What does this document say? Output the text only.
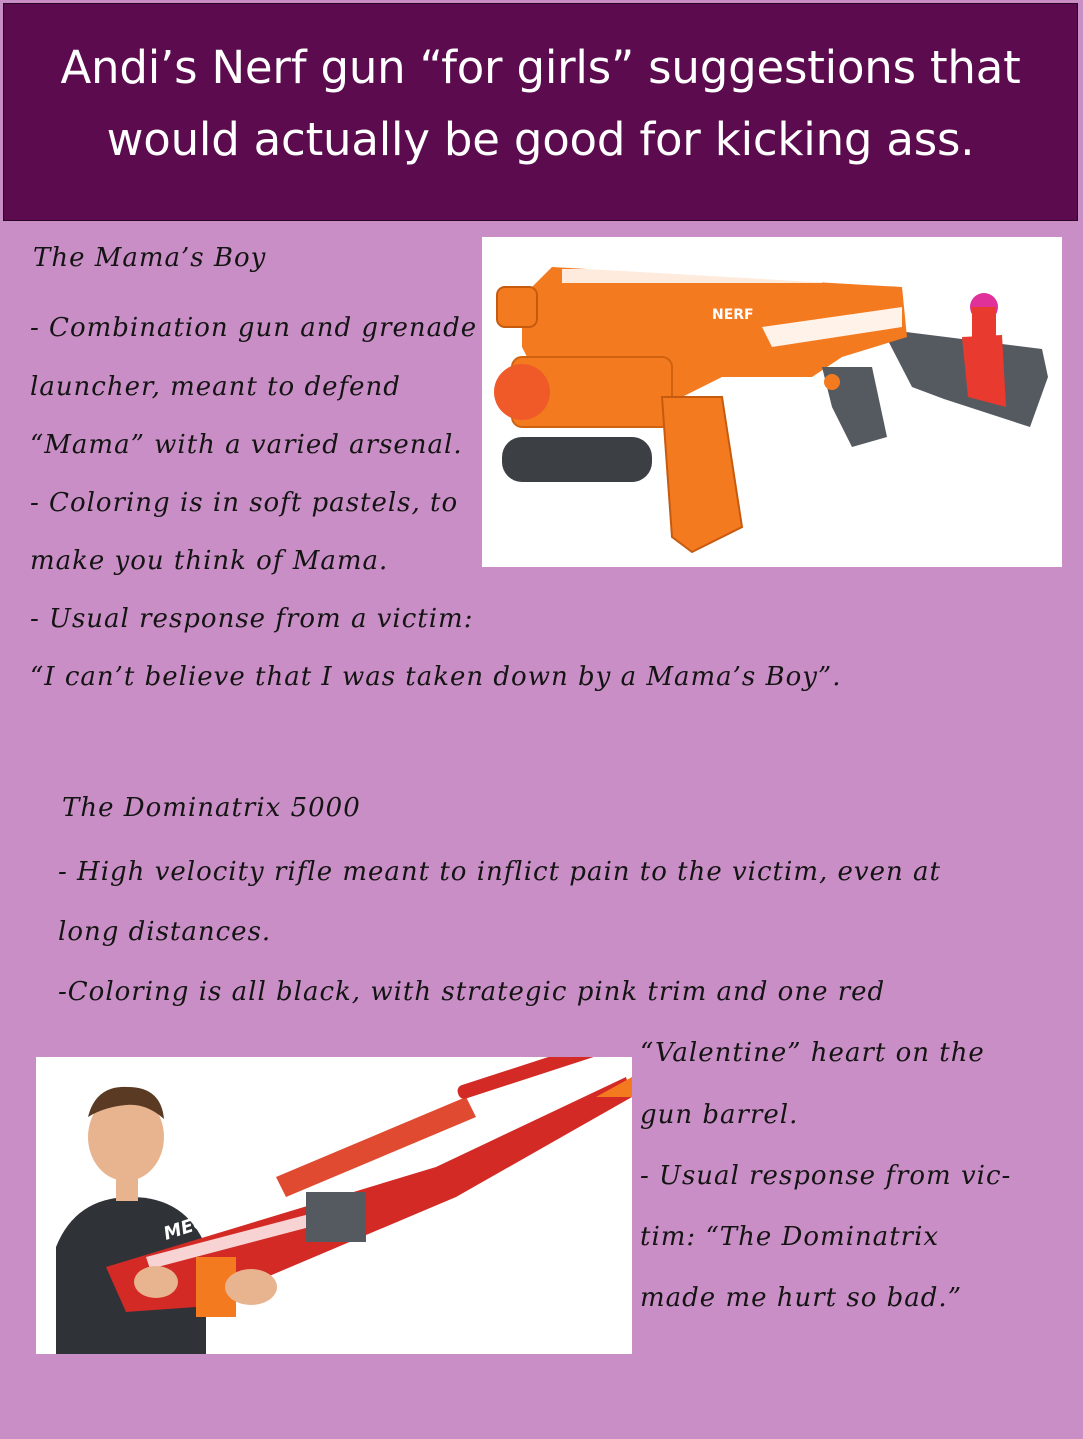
Andi’s Nerf gun “for girls” suggestions that
would actually be good for kicking ass.
The Mama’s Boy
- Combination gun and grenade
launcher, meant to defend
“Mama” with a varied arsenal.
- Coloring is in soft pastels, to
make you think of Mama.
- Usual response from a victim:
“I can’t believe that I was taken down by a Mama’s Boy”.
NERF
The Dominatrix 5000
- High velocity rifle meant to inflict pain to the victim, even at
long distances.
-Coloring is all black, with strategic pink trim and one red
“Valentine” heart on the
gun barrel.
- Usual response from vic-
tim: “The Dominatrix
made me hurt so bad.”
MEGA
